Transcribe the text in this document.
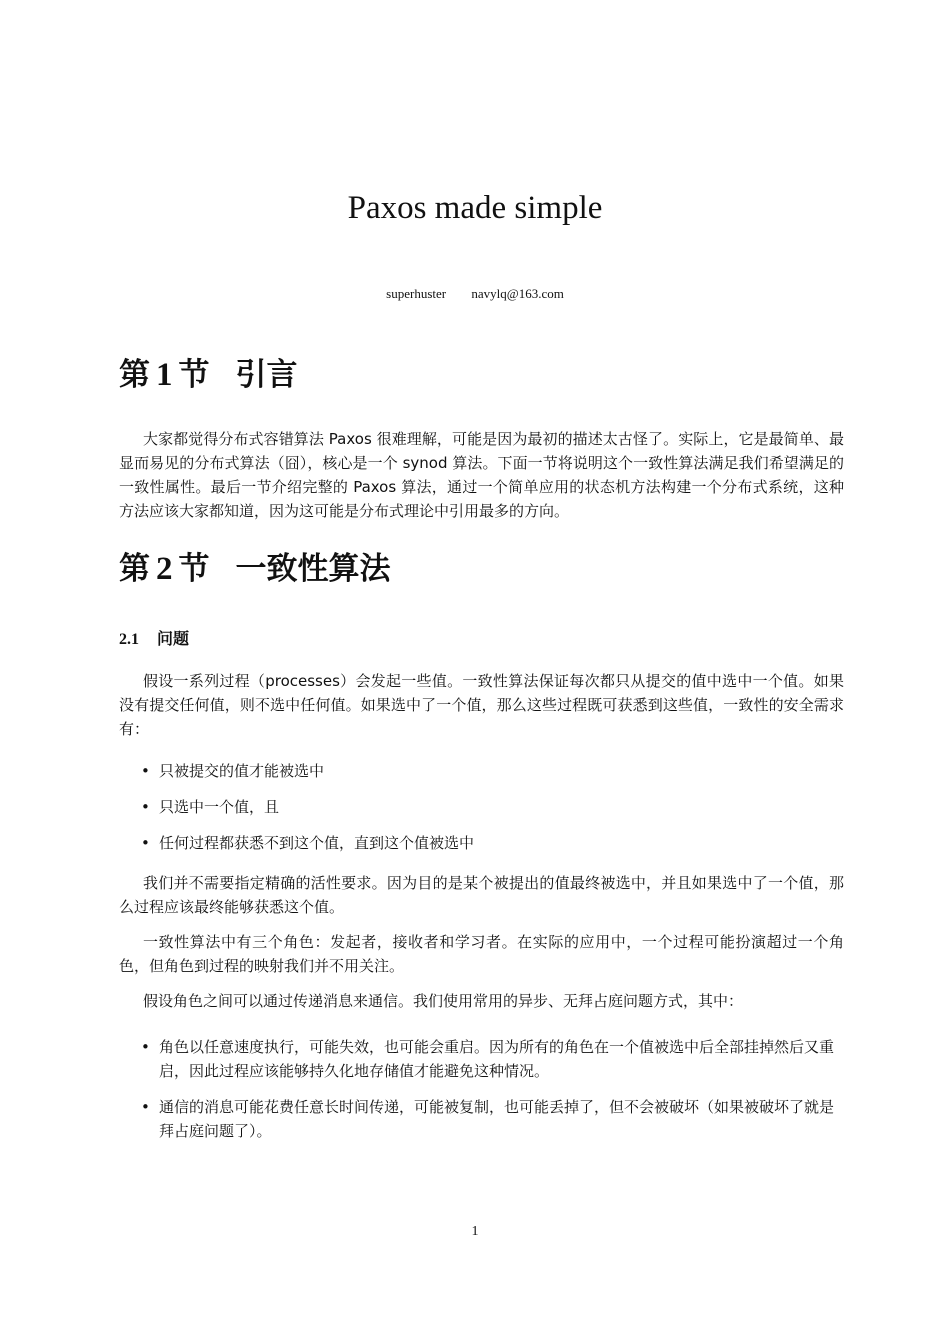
Paxos made simple
superhuster navylq@163.com
第 1 节 引言

大家都觉得分布式容错算法 Paxos 很难理解，可能是因为最初的描述太古怪了。实际上，它是最简单、最显而易见的分布式算法（囧），核心是一个 synod 算法。下面一节将说明这个一致性算法满足我们希望满足的一致性属性。最后一节介绍完整的 Paxos 算法，通过一个简单应用的状态机方法构建一个分布式系统，这种方法应该大家都知道，因为这可能是分布式理论中引用最多的方向。

第 2 节 一致性算法
2.1 问题

假设一系列过程（processes）会发起一些值。一致性算法保证每次都只从提交的值中选中一个值。如果没有提交任何值，则不选中任何值。如果选中了一个值，那么这些过程既可获悉到这些值，一致性的安全需求有：

• 只被提交的值才能被选中
• 只选中一个值，且
• 任何过程都获悉不到这个值，直到这个值被选中

我们并不需要指定精确的活性要求。因为目的是某个被提出的值最终被选中，并且如果选中了一个值，那么过程应该最终能够获悉这个值。

一致性算法中有三个角色：发起者，接收者和学习者。在实际的应用中，一个过程可能扮演超过一个角色，但角色到过程的映射我们并不用关注。

假设角色之间可以通过传递消息来通信。我们使用常用的异步、无拜占庭问题方式，其中：

• 角色以任意速度执行，可能失效，也可能会重启。因为所有的角色在一个值被选中后全部挂掉然后又重启，因此过程应该能够持久化地存储值才能避免这种情况。
• 通信的消息可能花费任意长时间传递，可能被复制，也可能丢掉了，但不会被破坏（如果被破坏了就是拜占庭问题了）。
1
